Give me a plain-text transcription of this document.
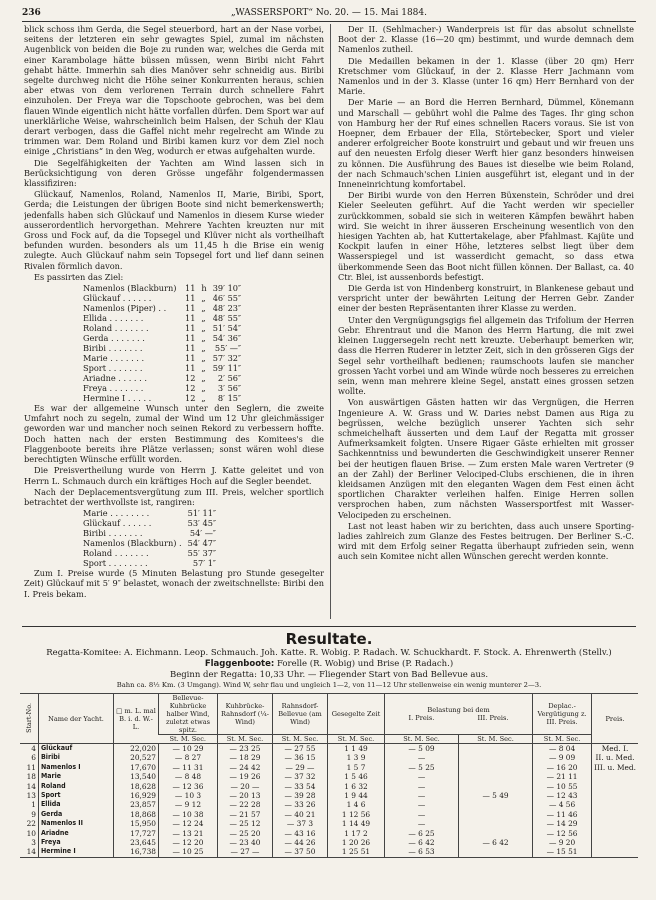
236	„WASSERSPORT“ No. 20. — 15. Mai 1884.

blick schoss ihm Gerda, die Segel steuerbord, hart an der Nase vorbei, seitens der letzteren ein sehr gewagtes Spiel, zumal im nächsten Augenblick von beiden die Boje zu runden war, welches die Gerda mit einer Karambolage hätte büssen müssen, wenn Biribi nicht Fahrt gehabt hätte. Immerhin sah dies Manöver sehr schneidig aus. Biribi segelte durchweg nicht die Höhe seiner Konkurrenten heraus, schien aber etwas von dem verlorenen Terrain durch schnellere Fahrt einzuholen. Der Freya war die Topschoote gebrochen, was bei dem flauen Winde eigentlich nicht hätte vorfallen dürfen. Dem Sport war auf unerklärliche Weise, wahrscheinlich beim Halsen, der Schuh der Klau derart verbogen, dass die Gaffel nicht mehr regelrecht am Winde zu trimmen war. Dem Roland und Biribi kamen kurz vor dem Ziel noch einige „Christians“ in den Weg, wodurch er etwas aufgehalten wurde.

Die Segelfähigkeiten der Yachten am Wind lassen sich in Berücksichtigung von deren Grösse ungefähr folgendermassen klassifiziren:

Glückauf, Namenlos, Roland, Namenlos II, Marie, Biribi, Sport, Gerda; die Leistungen der übrigen Boote sind nicht bemerkenswerth; jedenfalls haben sich Glückauf und Namenlos in diesem Kurse wieder ausserordentlich hervorgethan. Mehrere Yachten kreuzten nur mit Gross und Fock auf, da die Topsegel und Klüver nicht als vortheilhaft befunden wurden. besonders als um 11,45 h die Brise ein wenig zulegte. Auch Glückauf nahm sein Topsegel fort und lief dann seinen Rivalen förmlich davon.

Es passirten das Ziel:

Namenlos (Blackburn)	11	h	39′ 10″
Glückauf . . . . . .	11	„	46′ 55″
Namenlos (Piper) . .	11	„	48′ 23″
Ellida . . . . . . .	11	„	48′ 55″
Roland . . . . . . .	11	„	51′ 54″
Gerda . . . . . . .	11	„	54′ 36″
Biribi . . . . . . .	11	„	55′ —″
Marie . . . . . . .	11	„	57′ 32″
Sport . . . . . . .	11	„	59′ 11″
Ariadne . . . . . .	12	„	2′ 56″
Freya . . . . . . .	12	„	3′ 56″
Hermine I . . . . .	12	„	8′ 15″

Es war der allgemeine Wunsch unter den Seglern, die zweite Umfahrt noch zu segeln, zumal der Wind um 12 Uhr gleichmässiger geworden war und mancher noch seinen Rekord zu verbessern hoffte. Doch hatten nach der ersten Bestimmung des Komitees's die Flaggenboote bereits ihre Plätze verlassen; sonst wären wohl diese berechtigten Wünsche erfüllt worden.

Die Preisvertheilung wurde von Herrn J. Katte geleitet und von Herrn L. Schmauch durch ein kräftiges Hoch auf die Segler beendet.

Nach der Deplacementsvergütung zum III. Preis, welcher sportlich betrachtet der werthvollste ist, rangiren:

Marie . . . . . . . .	51′ 11″
Glückauf . . . . . .	53′ 45″
Biribi . . . . . . .	54′ —″
Namenlos (Blackburn) .	54′ 47″
Roland . . . . . . .	55′ 37″
Sport . . . . . . . .	57′ 1″

Zum I. Preise wurde (5 Minuten Belastung pro Stunde gesegelter Zeit) Glückauf mit 5′ 9″ belastet, wonach der zweitschnellste: Biribi den I. Preis bekam.

Der II. (Sehlmacher-) Wanderpreis ist für das absolut schnellste Boot der 2. Klasse (16—20 qm) bestimmt, und wurde demnach dem Namenlos zutheil.

Die Medaillen bekamen in der 1. Klasse (über 20 qm) Herr Kretschmer vom Glückauf, in der 2. Klasse Herr Jachmann vom Namenlos und in der 3. Klasse (unter 16 qm) Herr Bernhard von der Marie.

Der Marie — an Bord die Herren Bernhard, Dümmel, Könemann und Marschall — gebührt wohl die Palme des Tages. Ihr ging schon von Hamburg her der Ruf eines schnellen Racers voraus. Sie ist von Hoepner, dem Erbauer der Ella, Störtebecker, Sport und vieler anderer erfolgreicher Boote konstruirt und gebaut und wir freuen uns auf den neuesten Erfolg dieser Werft hier ganz besonders hinweisen zu können. Die Ausführung des Baues ist dieselbe wie beim Roland, der nach Schmauch'schen Linien ausgeführt ist, elegant und in der Inneneinrichtung komfortabel.

Der Biribi wurde von den Herren Büxenstein, Schröder und drei Kieler Seeleuten geführt. Auf die Yacht werden wir specieller zurückkommen, sobald sie sich in weiteren Kämpfen bewährt haben wird. Sie weicht in ihrer äusseren Erscheinung wesentlich von den hiesigen Yachten ab, hat Kuttertakelage, aber Pfahlmast. Kajüte und Kockpit laufen in einer Höhe, letzteres selbst liegt über dem Wasserspiegel und ist wasserdicht gemacht, so dass etwa überkommende Seen das Boot nicht füllen können. Der Ballast, ca. 40 Ctr. Blei, ist aussenbords befestigt.

Die Gerda ist von Hindenberg konstruirt, in Blankenese gebaut und verspricht unter der bewährten Leitung der Herren Gebr. Zander einer der besten Repräsentanten ihrer Klasse zu werden.

Unter den Vergnügungsgigs fiel allgemein das Trifolium der Herren Gebr. Ehrentraut und die Manon des Herrn Hartung, die mit zwei kleinen Luggersegeln recht nett kreuzte. Ueberhaupt bemerken wir, dass die Herren Ruderer in letzter Zeit, sich in den grösseren Gigs der Segel sehr vortheilhaft bedienen; raumschoots laufen sie mancher grossen Yacht vorbei und am Winde würde noch besseres zu erreichen sein, wenn man mehrere kleine Segel, anstatt eines grossen setzen wollte.

Von auswärtigen Gästen hatten wir das Vergnügen, die Herren Ingenieure A. W. Grass und W. Daries nebst Damen aus Riga zu begrüssen, welche bezüglich unserer Yachten sich sehr schmeichelhaft äusserten und dem Lauf der Regatta mit grosser Aufmerksamkeit folgten. Unsere Rigaer Gäste erhielten mit grosser Sachkenntniss und bewunderten die Geschwindigkeit unserer Renner bei der heutigen flauen Brise. — Zum ersten Male waren Vertreter (9 an der Zahl) der Berliner Velociped-Clubs erschienen, die in ihren kleidsamen Anzügen mit den eleganten Wagen dem Fest einen ächt sportlichen Charakter verleihen halfen. Einige Herren sollen versprochen haben, zum nächsten Wassersportfest mit Wasser-Velocipeden zu erscheinen.

Last not least haben wir zu berichten, dass auch unsere Sporting-ladies zahlreich zum Glanze des Festes beitrugen. Der Berliner S.-C. wird mit dem Erfolg seiner Regatta überhaupt zufrieden sein, wenn auch sein Komitee nicht allen Wünschen gerecht werden konnte.

Resultate.

Regatta-Komitee: A. Eichmann. Leop. Schmauch. Joh. Katte. R. Wobig. P. Radach. W. Schuckhardt. F. Stock. A. Ehrenwerth (Stellv.)

Flaggenboote: Forelle (R. Wobig) und Brise (P. Radach.)

Beginn der Regatta: 10,33 Uhr. — Fliegender Start von Bad Bellevue aus.

Bahn ca. 8½ Km. (3 Umgang). Wind W, sehr flau und ungleich 1—2, von 11—12 Uhr stellenweise ein wenig munterer 2—3.

Start-No.	Name der Yacht.	□ m. L. mal B. i. d. W.-L.	Bellevue-Kuhbrücke halber Wind, zuletzt etwas spitz.	Kuhbrücke-Rahnsdorf (¼-Wind)	Rahnsdorf-Bellevue (am Wind)	Gesegelte Zeit	Belastung bei dem
I. Preis. III. Preis.		Deplac.-Vergütigung z. III. Preis.	Preis.
			St. M. Sec.	St. M. Sec.	St. M. Sec.	St. M. Sec.	St. M. Sec.	St. M. Sec.	St. M. Sec.	
4	Glückauf	22,020	— 10 29	— 23 25	— 27 55	1 1 49	— 5 09		— 8 04	Med. I.
6	Biribi	20,527	— 8 27	— 18 29	— 36 15	1 3 9	—		— 9 09	II. u. Med.
11	Namenlos I	17,670	— 11 31	— 24 42	— 29 —	1 5 7	— 5 25		— 16 20	III. u. Med.
18	Marie	13,540	— 8 48	— 19 26	— 37 32	1 5 46	—		— 21 11	
14	Roland	18,628	— 12 36	— 20 —	— 33 54	1 6 32	—		— 10 55	
13	Sport	16,929	— 10 3	— 20 13	— 39 28	1 9 44	—	— 5 49	— 12 43	
1	Ellida	23,857	— 9 12	— 22 28	— 33 26	1 4 6	—		— 4 56	
9	Gerda	18,868	— 10 38	— 21 57	— 40 21	1 12 56	—		— 11 46	
22	Namenlos II	15,950	— 12 24	— 25 12	— 37 3	1 14 49	—		— 14 29	
10	Ariadne	17,727	— 13 21	— 25 20	— 43 16	1 17 2	— 6 25		— 12 56	
3	Freya	23,645	— 12 20	— 23 40	— 44 26	1 20 26	— 6 42	— 6 42	— 9 20	
14	Hermine I	16,738	— 10 25	— 27 —	— 37 50	1 25 51	— 6 53		— 15 51	
